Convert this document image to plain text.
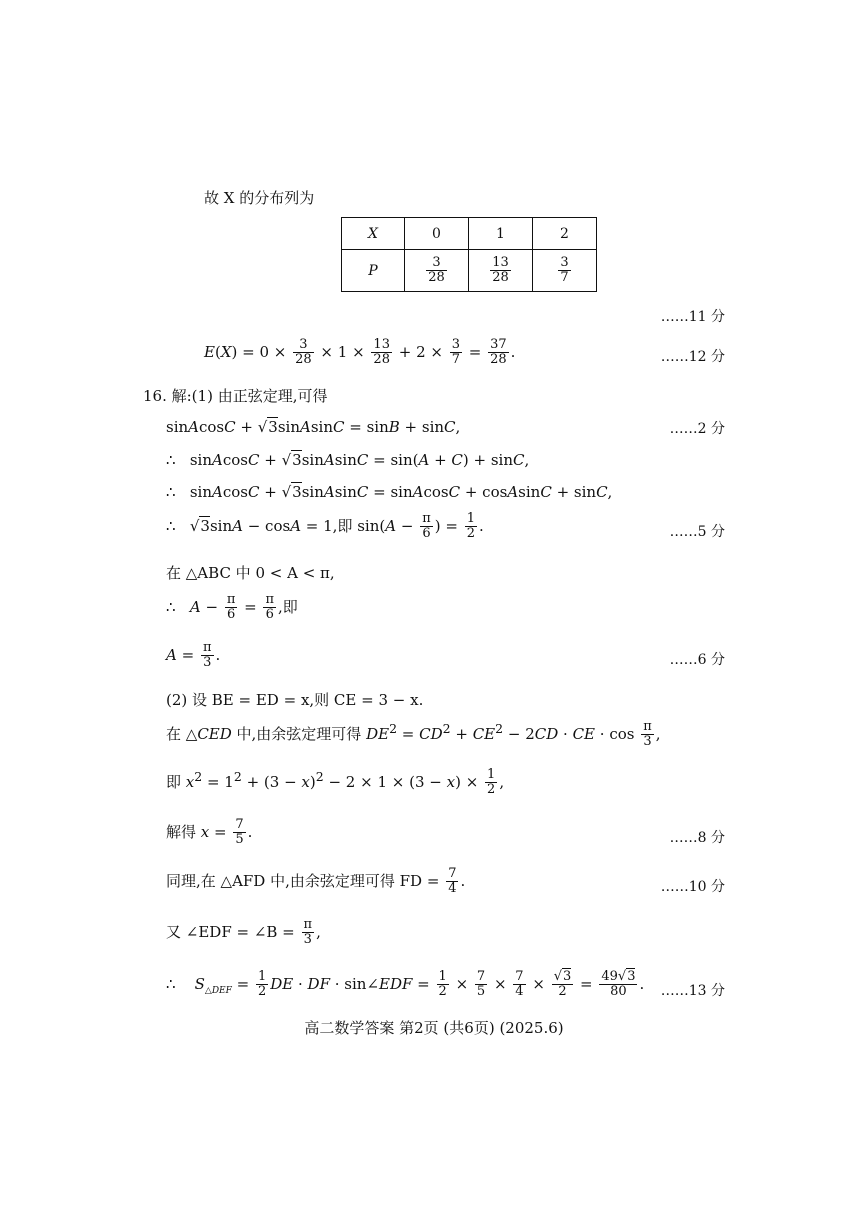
故 X 的分布列为
X	0	1	2
P	$\frac{3}{28}$	$\frac{13}{28}$	$\frac{3}{7}$
……11 分
$E(X) = 0 \times \frac{3}{28} \times 1 \times \frac{13}{28} + 2 \times \frac{3}{7} = \frac{37}{28}$ .	……12 分
16. 解:(1) 由正弦定理,可得
sinAcosC + √3sinAsinC = sinB + sinC,	……2 分
∴   sinAcosC + √3sinAsinC = sin(A + C) + sinC,
∴   sinAcosC + √3sinAsinC = sinAcosC + cosAsinC + sinC,
∴   √3sinA − cosA = 1,即 $\sin(A - \frac{\pi}{6}$ ) = $\frac{1}{2}$ .	……5 分
在 △ABC 中 0 < A < π,
∴   $A - \frac{\pi}{6} = \frac{\pi}{6}$ ,即
$A = \frac{\pi}{3}$ .	……6 分
(2) 设 BE = ED = x,则 CE = 3 − x.
在 △CED 中,由余弦定理可得 $DE^2 = CD^2 + CE^2 - 2CD$ · CE · $\cos \frac{\pi}{3}$ ,
即 $x^2 = 1^2 + (3 - x)^2 - 2 \times 1 \times (3 - x) \times \frac{1}{2}$ ,
解得 $x = \frac{7}{5}$ .	……8 分
同理,在 △AFD 中,由余弦定理可得 FD = $\frac{7}{4}$ .	……10 分
又 ∠EDF = ∠B = $\frac{\pi}{3}$ ,
∴    $S_{\triangle DEF} = \frac{1}{2}$ DE · DF · sin∠EDF = $\frac{1}{2} \times \frac{7}{5} \times \frac{7}{4} \times \frac{√3}{2} = \frac{49√3}{80}$ . ……13 分
高二数学答案 第2页 (共6页) (2025.6)
